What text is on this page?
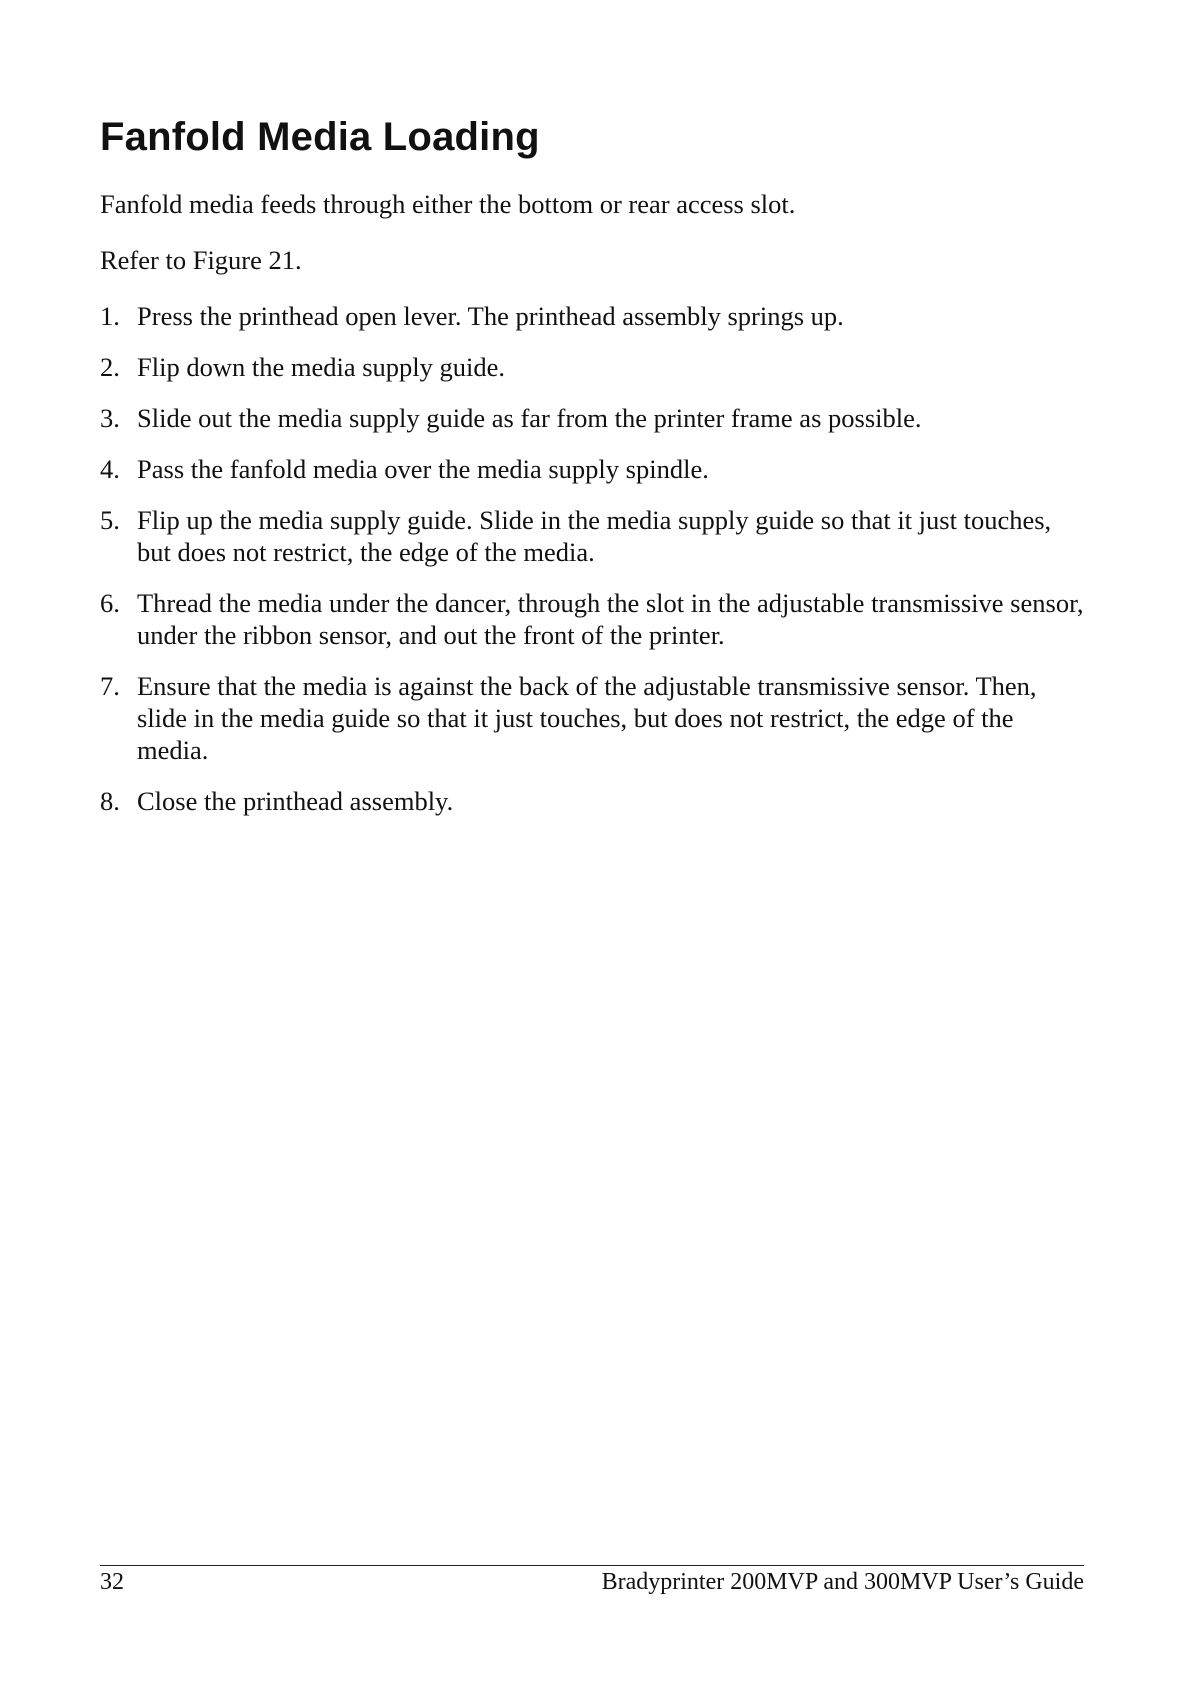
Fanfold Media Loading

Fanfold media feeds through either the bottom or rear access slot.

Refer to Figure 21.

1. Press the printhead open lever. The printhead assembly springs up.
2. Flip down the media supply guide.
3. Slide out the media supply guide as far from the printer frame as possible.
4. Pass the fanfold media over the media supply spindle.
5. Flip up the media supply guide. Slide in the media supply guide so that it just touches, but does not restrict, the edge of the media.
6. Thread the media under the dancer, through the slot in the adjustable transmissive sensor, under the ribbon sensor, and out the front of the printer.
7. Ensure that the media is against the back of the adjustable transmissive sensor. Then, slide in the media guide so that it just touches, but does not restrict, the edge of the media.
8. Close the printhead assembly.
32	Bradyprinter 200MVP and 300MVP User’s Guide
